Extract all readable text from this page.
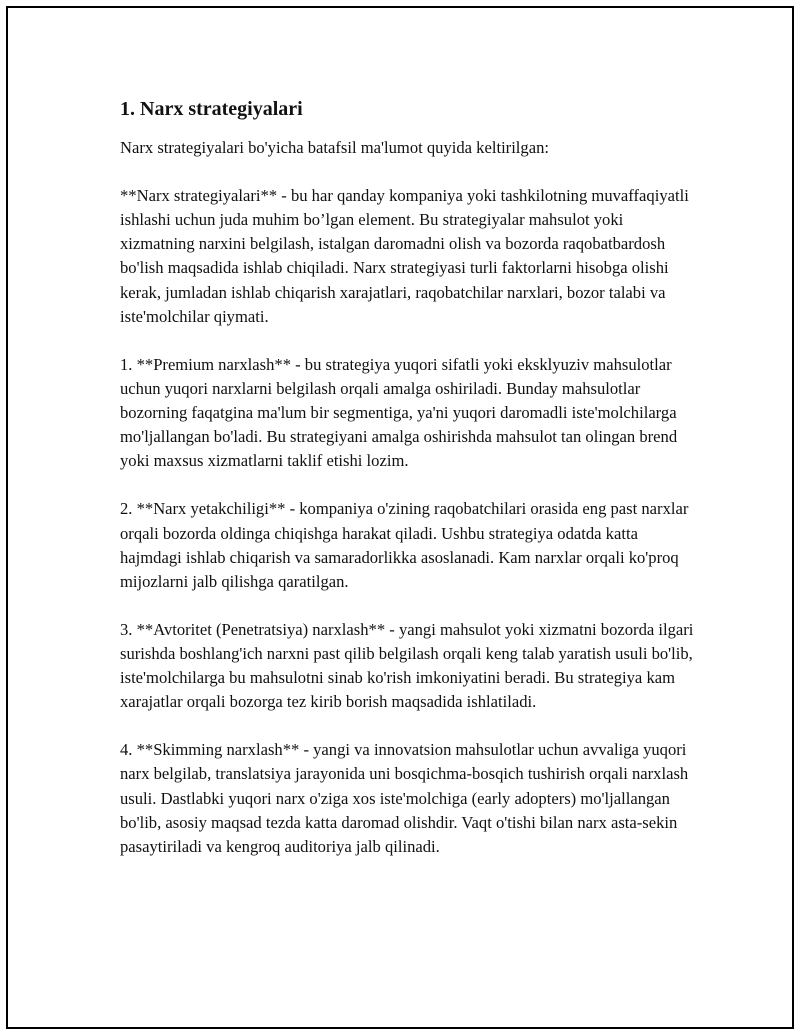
1. Narx strategiyalari

Narx strategiyalari bo'yicha batafsil ma'lumot quyida keltirilgan:

**Narx strategiyalari** - bu har qanday kompaniya yoki tashkilotning muvaffaqiyatli ishlashi uchun juda muhim bo’lgan element. Bu strategiyalar mahsulot yoki xizmatning narxini belgilash, istalgan daromadni olish va bozorda raqobatbardosh bo'lish maqsadida ishlab chiqiladi. Narx strategiyasi turli faktorlarni hisobga olishi kerak, jumladan ishlab chiqarish xarajatlari, raqobatchilar narxlari, bozor talabi va iste'molchilar qiymati.

1. **Premium narxlash** - bu strategiya yuqori sifatli yoki eksklyuziv mahsulotlar uchun yuqori narxlarni belgilash orqali amalga oshiriladi. Bunday mahsulotlar bozorning faqatgina ma'lum bir segmentiga, ya'ni yuqori daromadli iste'molchilarga mo'ljallangan bo'ladi. Bu strategiyani amalga oshirishda mahsulot tan olingan brend yoki maxsus xizmatlarni taklif etishi lozim.

2. **Narx yetakchiligi** - kompaniya o'zining raqobatchilari orasida eng past narxlar orqali bozorda oldinga chiqishga harakat qiladi. Ushbu strategiya odatda katta hajmdagi ishlab chiqarish va samaradorlikka asoslanadi. Kam narxlar orqali ko'proq mijozlarni jalb qilishga qaratilgan.

3. **Avtoritet (Penetratsiya) narxlash** - yangi mahsulot yoki xizmatni bozorda ilgari surishda boshlang'ich narxni past qilib belgilash orqali keng talab yaratish usuli bo'lib, iste'molchilarga bu mahsulotni sinab ko'rish imkoniyatini beradi. Bu strategiya kam xarajatlar orqali bozorga tez kirib borish maqsadida ishlatiladi.

4. **Skimming narxlash** - yangi va innovatsion mahsulotlar uchun avvaliga yuqori narx belgilab, translatsiya jarayonida uni bosqichma-bosqich tushirish orqali narxlash usuli. Dastlabki yuqori narx o'ziga xos iste'molchiga (early adopters) mo'ljallangan bo'lib, asosiy maqsad tezda katta daromad olishdir. Vaqt o'tishi bilan narx asta-sekin pasaytiriladi va kengroq auditoriya jalb qilinadi.
